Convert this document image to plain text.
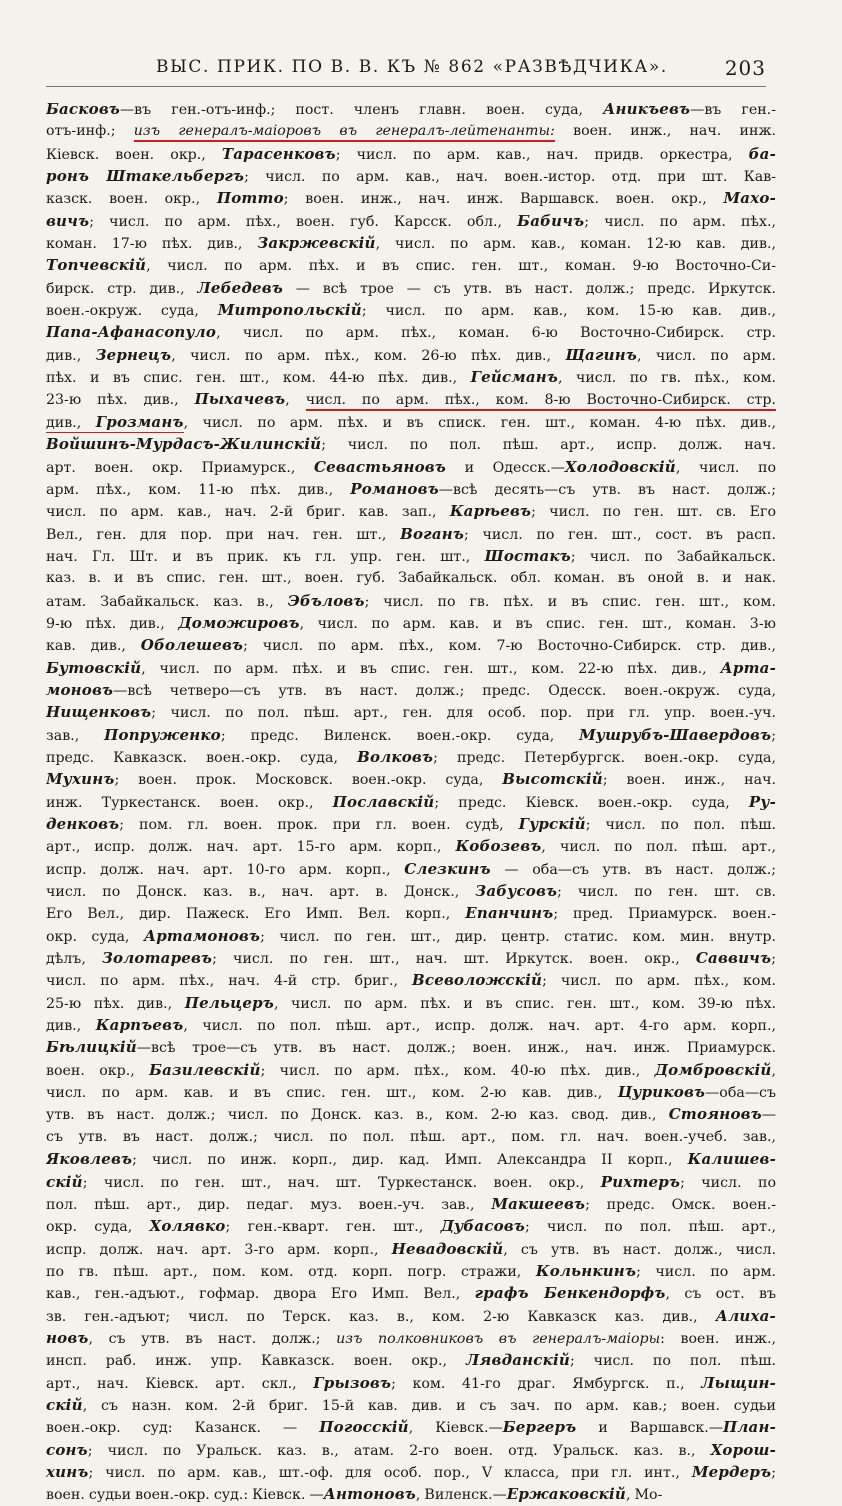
ВЫС. ПРИК. ПО В. В. КЪ № 862 «РАЗВѢДЧИКА».	203
Басковъ—въ ген.-отъ-инф.; пост. членъ главн. воен. суда, Аникъевъ—въ ген.-
отъ-инф.; изъ генералъ-маiоровъ въ генералъ-лейтенанты: воен. инж., нач. инж.
Кiевск. воен. окр., Тарасенковъ; числ. по арм. кав., нач. придв. оркестра, ба-
ронъ Штакельбергъ; числ. по арм. кав., нач. воен.-истор. отд. при шт. Кав-
казск. воен. окр., Потто; воен. инж., нач. инж. Варшавск. воен. окр., Махо-
вичъ; числ. по арм. пѣх., воен. губ. Карсск. обл., Бабичъ; числ. по арм. пѣх.,
коман. 17-ю пѣх. див., Закржевскiй, числ. по арм. кав., коман. 12-ю кав. див.,
Топчевскiй, числ. по арм. пѣх. и въ спис. ген. шт., коман. 9-ю Восточно-Си-
бирск. стр. див., Лебедевъ — всѣ трое — съ утв. въ наст. долж.; предс. Иркутск.
воен.-окруж. суда, Митропольскiй; числ. по арм. кав., ком. 15-ю кав. див.,
Папа-Афанасопуло, числ. по арм. пѣх., коман. 6-ю Восточно-Сибирск. стр.
див., Зернецъ, числ. по арм. пѣх., ком. 26-ю пѣх. див., Щагинъ, числ. по арм.
пѣх. и въ спис. ген. шт., ком. 44-ю пѣх. див., Гейсманъ, числ. по гв. пѣх., ком.
23-ю пѣх. див., Пыхачевъ, числ. по арм. пѣх., ком. 8-ю Восточно-Сибирск. стр.
див., Грозманъ, числ. по арм. пѣх. и въ списк. ген. шт., коман. 4-ю пѣх. див.,
Войшинъ-Мурдасъ-Жилинскiй; числ. по пол. пѣш. арт., испр. долж. нач.
арт. воен. окр. Приамурск., Севастьяновъ и Одесск.—Холодовскiй, числ. по
арм. пѣх., ком. 11-ю пѣх. див., Романовъ—всѣ десять—съ утв. въ наст. долж.;
числ. по арм. кав., нач. 2-й бриг. кав. зап., Карѣевъ; числ. по ген. шт. св. Его
Вел., ген. для пор. при нач. ген. шт., Воганъ; числ. по ген. шт., сост. въ расп.
нач. Гл. Шт. и въ прик. къ гл. упр. ген. шт., Шостакъ; числ. по Забайкальск.
каз. в. и въ спис. ген. шт., воен. губ. Забайкальск. обл. коман. въ оной в. и нак.
атам. Забайкальск. каз. в., Эбъловъ; числ. по гв. пѣх. и въ спис. ген. шт., ком.
9-ю пѣх. див., Доможировъ, числ. по арм. кав. и въ спис. ген. шт., коман. 3-ю
кав. див., Оболешевъ; числ. по арм. пѣх., ком. 7-ю Восточно-Сибирск. стр. див.,
Бутовскiй, числ. по арм. пѣх. и въ спис. ген. шт., ком. 22-ю пѣх. див., Арта-
моновъ—всѣ четверо—съ утв. въ наст. долж.; предс. Одесск. воен.-окруж. суда,
Нищенковъ; числ. по пол. пѣш. арт., ген. для особ. пор. при гл. упр. воен.-уч.
зав., Попруженко; предс. Виленск. воен.-окр. суда, Мушрубъ-Шавердовъ;
предс. Кавказск. воен.-окр. суда, Волковъ; предс. Петербургск. воен.-окр. суда,
Мухинъ; воен. прок. Московск. воен.-окр. суда, Высотскiй; воен. инж., нач.
инж. Туркестанск. воен. окр., Послaвскiй; предс. Кiевск. воен.-окр. суда, Ру-
денковъ; пом. гл. воен. прок. при гл. воен. судѣ, Гурскiй; числ. по пол. пѣш.
арт., испр. долж. нач. арт. 15-го арм. корп., Кобозевъ, числ. по пол. пѣш. арт.,
испр. долж. нач. арт. 10-го арм. корп., Слезкинъ — оба—съ утв. въ наст. долж.;
числ. по Донск. каз. в., нач. арт. в. Донск., Забусовъ; числ. по ген. шт. св.
Его Вел., дир. Пажеск. Его Имп. Вел. корп., Епанчинъ; пред. Приамурск. воен.-
окр. суда, Артамоновъ; числ. по ген. шт., дир. центр. статис. ком. мин. внутр.
дѣлъ, Золотаревъ; числ. по ген. шт., нач. шт. Иркутск. воен. окр., Саввичъ;
числ. по арм. пѣх., нач. 4-й стр. бриг., Всеволожскiй; числ. по арм. пѣх., ком.
25-ю пѣх. див., Пельцеръ, числ. по арм. пѣх. и въ спис. ген. шт., ком. 39-ю пѣх.
див., Карпъевъ, числ. по пол. пѣш. арт., испр. долж. нач. арт. 4-го арм. корп.,
Бѣлицкiй—всѣ трое—съ утв. въ наст. долж.; воен. инж., нач. инж. Приамурск.
воен. окр., Базилевскiй; числ. по арм. пѣх., ком. 40-ю пѣх. див., Домбровскiй,
числ. по арм. кав. и въ спис. ген. шт., ком. 2-ю кав. див., Цуриковъ—оба—съ
утв. въ наст. долж.; числ. по Донск. каз. в., ком. 2-ю каз. свод. див., Стояновъ—
съ утв. въ наст. долж.; числ. по пол. пѣш. арт., пом. гл. нач. воен.-учеб. зав.,
Яковлевъ; числ. по инж. корп., дир. кад. Имп. Александра II корп., Калишев-
скiй; числ. по ген. шт., нач. шт. Туркестанск. воен. окр., Рихтеръ; числ. по
пол. пѣш. арт., дир. педаг. муз. воен.-уч. зав., Макшеевъ; предс. Омск. воен.-
окр. суда, Холявко; ген.-кварт. ген. шт., Дубасовъ; числ. по пол. пѣш. арт.,
испр. долж. нач. арт. 3-го арм. корп., Невадовскiй, съ утв. въ наст. долж., числ.
по гв. пѣш. арт., пом. ком. отд. корп. погр. стражи, Кольнкинъ; числ. по арм.
кав., ген.-адъют., гофмар. двора Его Имп. Вел., графъ Бенкендорфъ, съ ост. въ
зв. ген.-адъют; числ. по Терск. каз. в., ком. 2-ю Кавказск каз. див., Алиха-
новъ, съ утв. въ наст. долж.; изъ полковниковъ въ генералъ-маiоры: воен. инж.,
инсп. раб. инж. упр. Кавказск. воен. окр., Лявданскiй; числ. по пол. пѣш.
арт., нач. Кiевск. арт. скл., Грызовъ; ком. 41-го драг. Ямбургск. п., Лыщин-
скiй, съ назн. ком. 2-й бриг. 15-й кав. див. и съ зач. по арм. кав.; воен. судьи
воен.-окр. суд: Казанск. — Погосскiй, Кiевск.—Бергеръ и Варшавск.—План-
сонъ; числ. по Уральск. каз. в., атам. 2-го воен. отд. Уральск. каз. в., Хорош-
хинъ; числ. по арм. кав., шт.-оф. для особ. пор., V класса, при гл. инт., Мердеръ;
воен. судьи воен.-окр. суд.: Кiевск. —Антоновъ, Виленск.—Ержаковскiй, Мо-
